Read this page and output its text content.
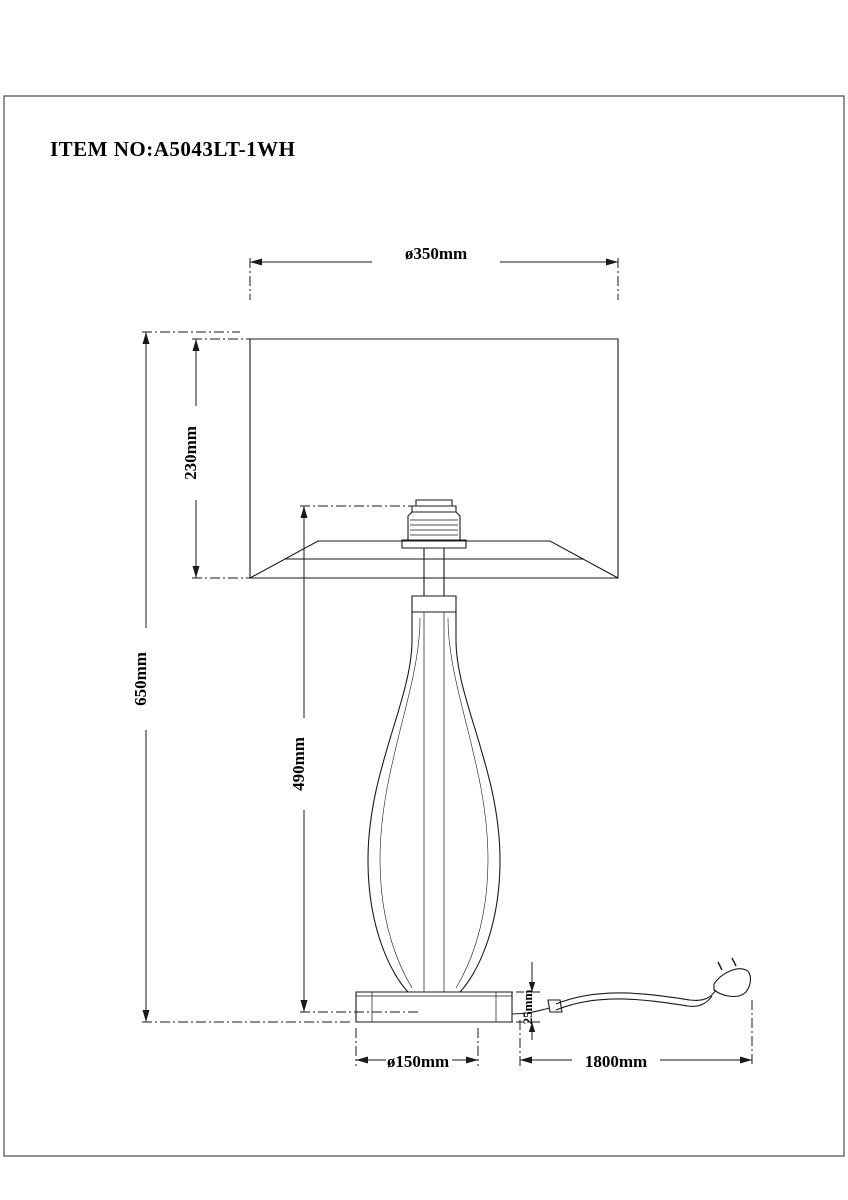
ITEM NO:A5043LT-1WH
ø350mm
230mm
650mm
490mm
25mm
ø150mm	1800mm
